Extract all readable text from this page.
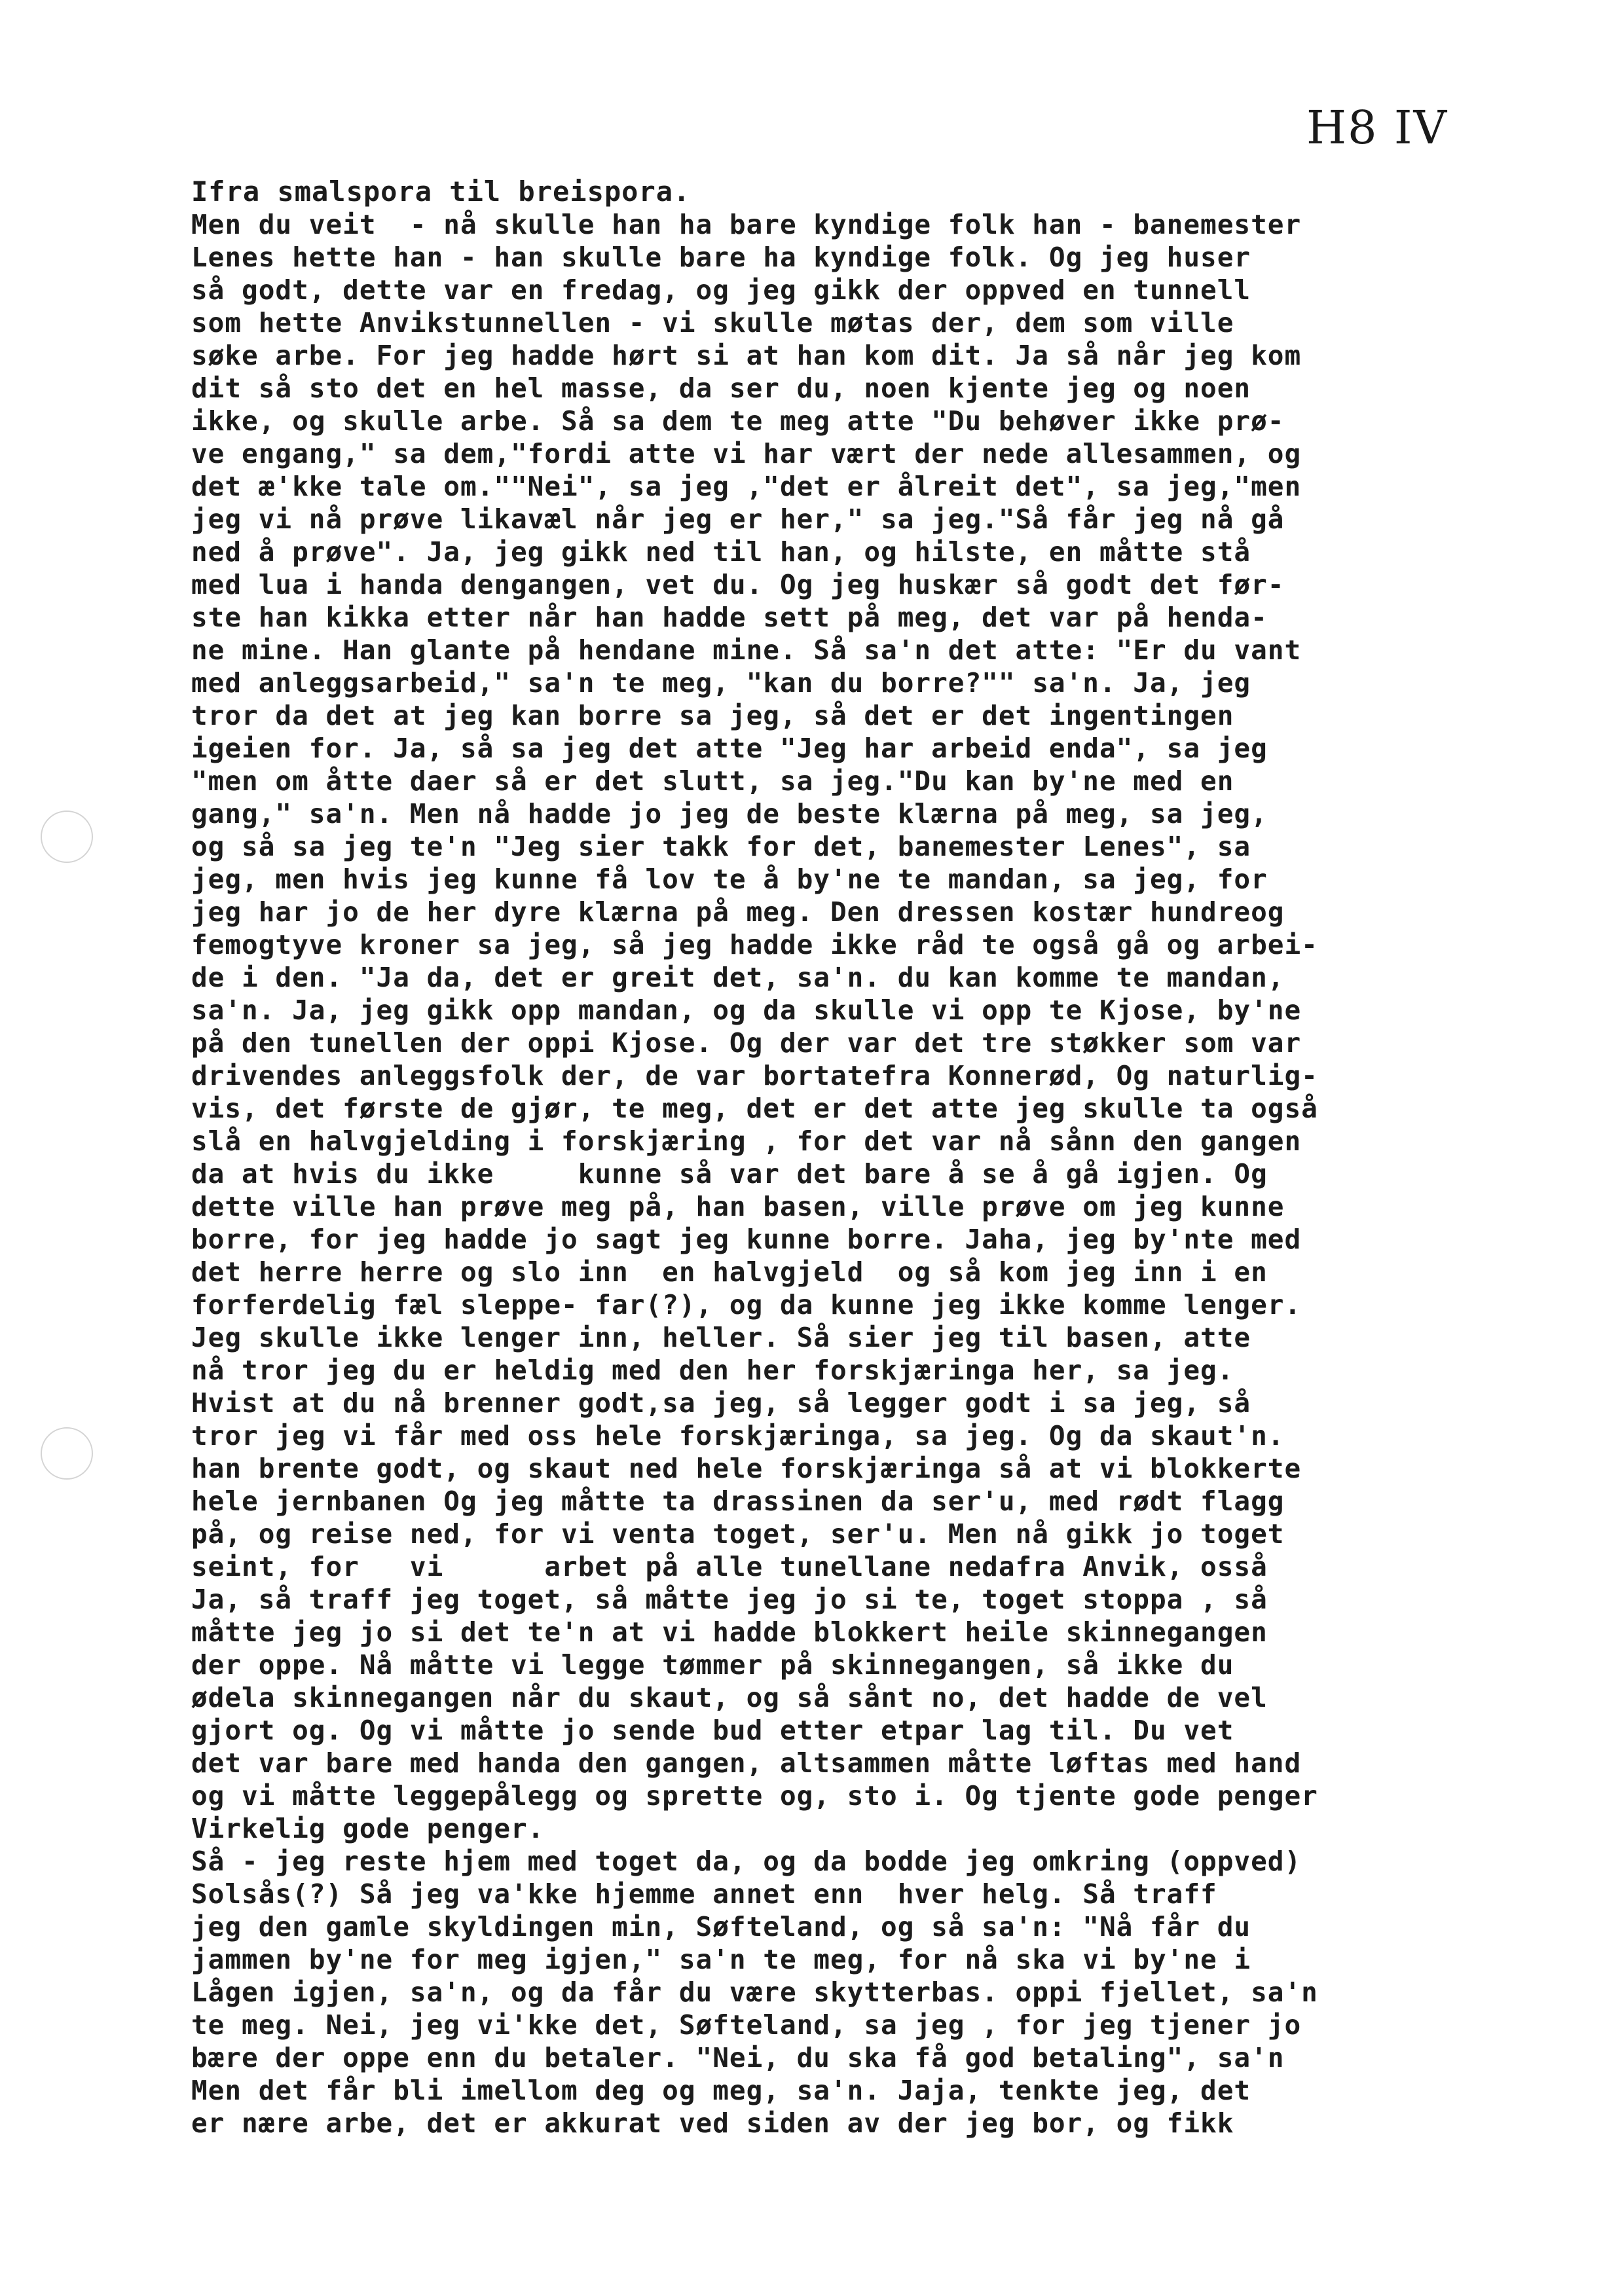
H8 IV
Ifra smalspora til breispora.
Men du veit  - nå skulle han ha bare kyndige folk han - banemester
Lenes hette han - han skulle bare ha kyndige folk. Og jeg huser
så godt, dette var en fredag, og jeg gikk der oppved en tunnell
som hette Anvikstunnellen - vi skulle møtas der, dem som ville
søke arbe. For jeg hadde hørt si at han kom dit. Ja så når jeg kom
dit så sto det en hel masse, da ser du, noen kjente jeg og noen
ikke, og skulle arbe. Så sa dem te meg atte "Du behøver ikke prø-
ve engang," sa dem,"fordi atte vi har vært der nede allesammen, og
det æ'kke tale om.""Nei", sa jeg ,"det er ålreit det", sa jeg,"men
jeg vi nå prøve likavæl når jeg er her," sa jeg."Så får jeg nå gå
ned å prøve". Ja, jeg gikk ned til han, og hilste, en måtte stå
med lua i handa dengangen, vet du. Og jeg huskær så godt det før-
ste han kikka etter når han hadde sett på meg, det var på henda-
ne mine. Han glante på hendane mine. Så sa'n det atte: "Er du vant
med anleggsarbeid," sa'n te meg, "kan du borre?"" sa'n. Ja, jeg
tror da det at jeg kan borre sa jeg, så det er det ingentingen
igeien for. Ja, så sa jeg det atte "Jeg har arbeid enda", sa jeg
"men om åtte daer så er det slutt, sa jeg."Du kan by'ne med en
gang," sa'n. Men nå hadde jo jeg de beste klærna på meg, sa jeg,
og så sa jeg te'n "Jeg sier takk for det, banemester Lenes", sa
jeg, men hvis jeg kunne få lov te å by'ne te mandan, sa jeg, for
jeg har jo de her dyre klærna på meg. Den dressen kostær hundreog
femogtyve kroner sa jeg, så jeg hadde ikke råd te også gå og arbei-
de i den. "Ja da, det er greit det, sa'n. du kan komme te mandan,
sa'n. Ja, jeg gikk opp mandan, og da skulle vi opp te Kjose, by'ne
på den tunellen der oppi Kjose. Og der var det tre støkker som var
drivendes anleggsfolk der, de var bortatefra Konnerød, Og naturlig-
vis, det første de gjør, te meg, det er det atte jeg skulle ta også
slå en halvgjelding i forskjæring , for det var nå sånn den gangen
da at hvis du ikke     kunne så var det bare å se å gå igjen. Og
dette ville han prøve meg på, han basen, ville prøve om jeg kunne
borre, for jeg hadde jo sagt jeg kunne borre. Jaha, jeg by'nte med
det herre herre og slo inn  en halvgjeld  og så kom jeg inn i en
forferdelig fæl sleppe- far(?), og da kunne jeg ikke komme lenger.
Jeg skulle ikke lenger inn, heller. Så sier jeg til basen, atte
nå tror jeg du er heldig med den her forskjæringa her, sa jeg.
Hvist at du nå brenner godt,sa jeg, så legger godt i sa jeg, så
tror jeg vi får med oss hele forskjæringa, sa jeg. Og da skaut'n.
han brente godt, og skaut ned hele forskjæringa så at vi blokkerte
hele jernbanen Og jeg måtte ta drassinen da ser'u, med rødt flagg
på, og reise ned, for vi venta toget, ser'u. Men nå gikk jo toget
seint, for   vi      arbet på alle tunellane nedafra Anvik, osså
Ja, så traff jeg toget, så måtte jeg jo si te, toget stoppa , så
måtte jeg jo si det te'n at vi hadde blokkert heile skinnegangen
der oppe. Nå måtte vi legge tømmer på skinnegangen, så ikke du
ødela skinnegangen når du skaut, og så sånt no, det hadde de vel
gjort og. Og vi måtte jo sende bud etter etpar lag til. Du vet
det var bare med handa den gangen, altsammen måtte løftas med hand
og vi måtte leggepålegg og sprette og, sto i. Og tjente gode penger
Virkelig gode penger.
Så - jeg reste hjem med toget da, og da bodde jeg omkring (oppved)
Solsås(?) Så jeg va'kke hjemme annet enn  hver helg. Så traff
jeg den gamle skyldingen min, Søfteland, og så sa'n: "Nå får du
jammen by'ne for meg igjen," sa'n te meg, for nå ska vi by'ne i
Lågen igjen, sa'n, og da får du være skytterbas. oppi fjellet, sa'n
te meg. Nei, jeg vi'kke det, Søfteland, sa jeg , for jeg tjener jo
bære der oppe enn du betaler. "Nei, du ska få god betaling", sa'n
Men det får bli imellom deg og meg, sa'n. Jaja, tenkte jeg, det
er nære arbe, det er akkurat ved siden av der jeg bor, og fikk
